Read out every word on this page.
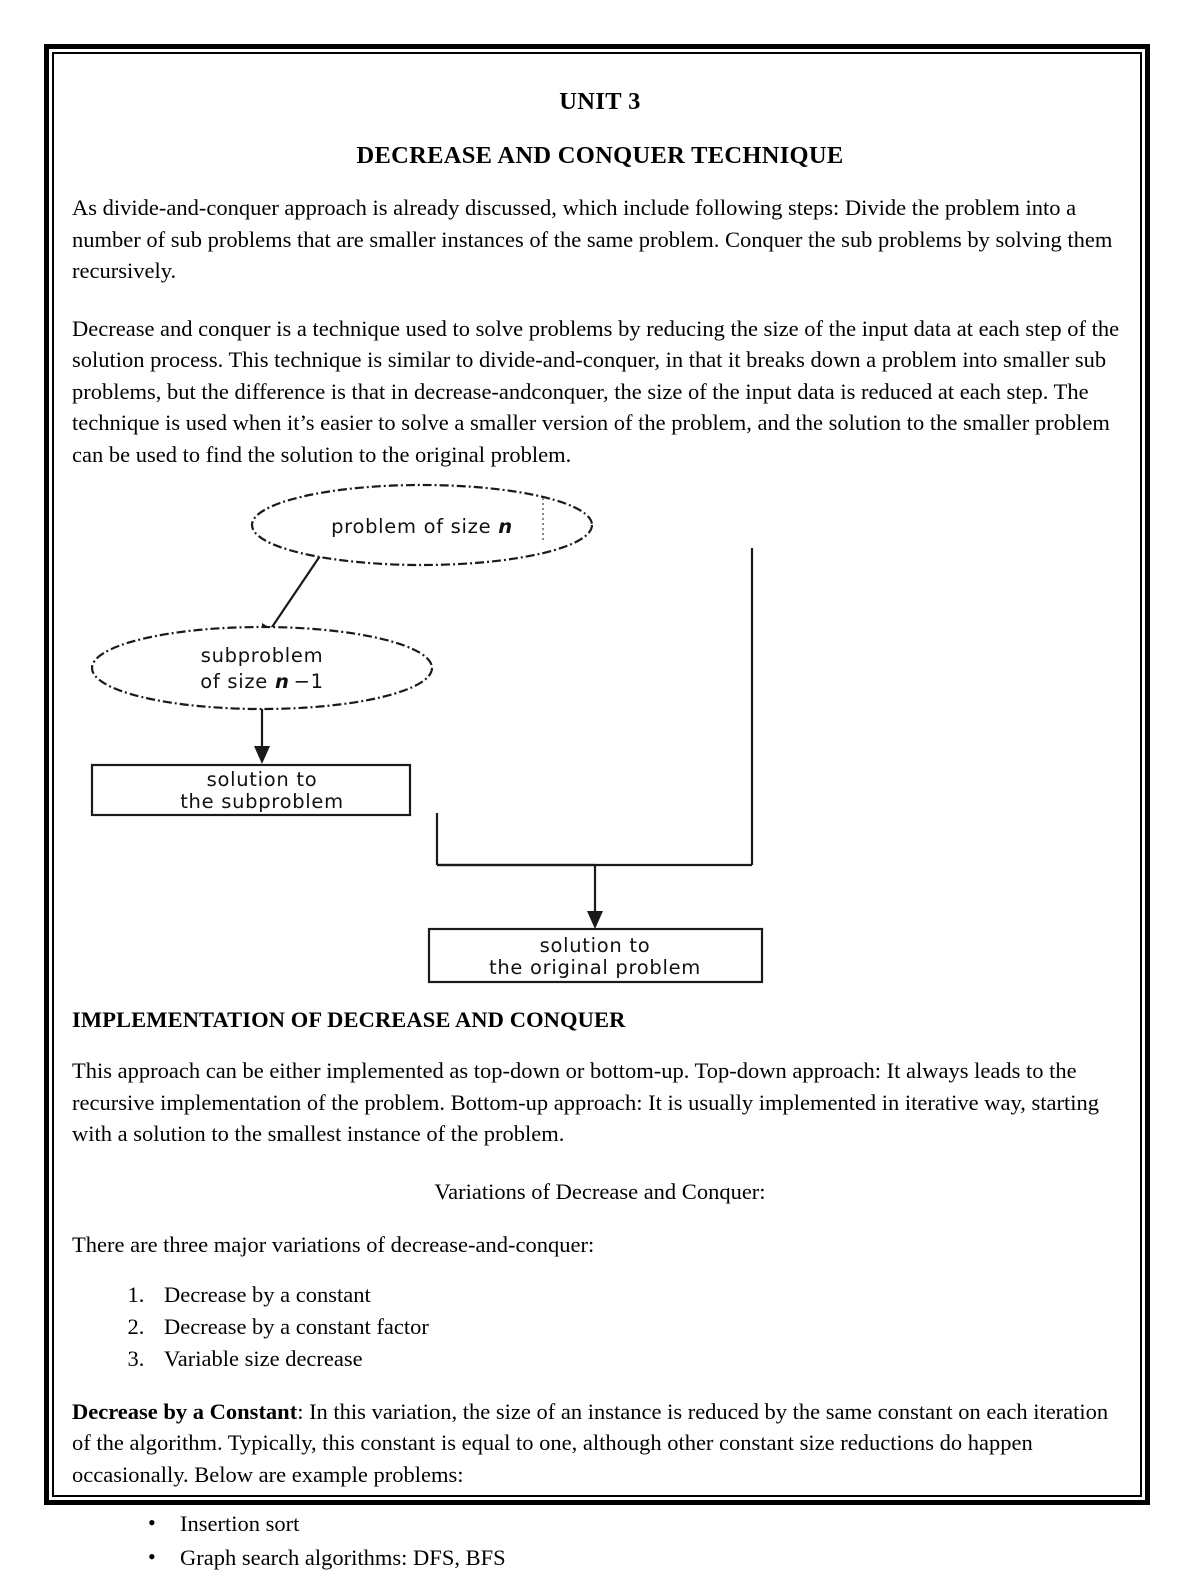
UNIT 3
DECREASE AND CONQUER TECHNIQUE

As divide-and-conquer approach is already discussed, which include following steps: Divide the problem into a number of sub problems that are smaller instances of the same problem. Conquer the sub problems by solving them recursively.

Decrease and conquer is a technique used to solve problems by reducing the size of the input data at each step of the solution process. This technique is similar to divide-and-conquer, in that it breaks down a problem into smaller sub problems, but the difference is that in decrease-andconquer, the size of the input data is reduced at each step. The technique is used when it’s easier to solve a smaller version of the problem, and the solution to the smaller problem can be used to find the solution to the original problem.

problem of size n
subproblem
of size n −1
solution to
the subproblem
solution to
the original problem
IMPLEMENTATION OF DECREASE AND CONQUER

This approach can be either implemented as top-down or bottom-up. Top-down approach: It always leads to the recursive implementation of the problem. Bottom-up approach: It is usually implemented in iterative way, starting with a solution to the smallest instance of the problem.

Variations of Decrease and Conquer:

There are three major variations of decrease-and-conquer:

1. Decrease by a constant
2. Decrease by a constant factor
3. Variable size decrease

Decrease by a Constant: In this variation, the size of an instance is reduced by the same constant on each iteration of the algorithm. Typically, this constant is equal to one, although other constant size reductions do happen occasionally. Below are example problems:

• Insertion sort
• Graph search algorithms: DFS, BFS
